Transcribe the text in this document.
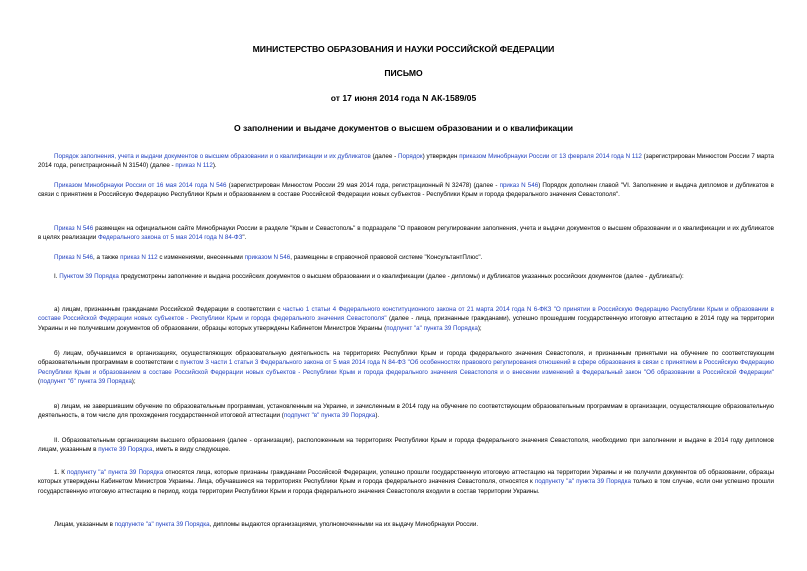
МИНИСТЕРСТВО ОБРАЗОВАНИЯ И НАУКИ РОССИЙСКОЙ ФЕДЕРАЦИИ
ПИСЬМО
от 17 июня 2014 года N АК-1589/05
О заполнении и выдаче документов о высшем образовании и о квалификации
Порядок заполнения, учета и выдачи документов о высшем образовании и о квалификации и их дубликатов (далее - Порядок) утвержден приказом Минобрнауки России от 13 февраля 2014 года N 112 (зарегистрирован Минюстом России 7 марта 2014 года, регистрационный N 31540) (далее - приказ N 112).
Приказом Минобрнауки России от 16 мая 2014 года N 546 (зарегистрирован Минюстом России 29 мая 2014 года, регистрационный N 32478) (далее - приказ N 546) Порядок дополнен главой "VI. Заполнение и выдача дипломов и дубликатов в связи с принятием в Российскую Федерацию Республики Крым и образованием в составе Российской Федерации новых субъектов - Республики Крым и города федерального значения Севастополя".
Приказ N 546 размещен на официальном сайте Минобрнауки России в разделе "Крым и Севастополь" в подразделе "О правовом регулировании заполнения, учета и выдачи документов о высшем образовании и о квалификации и их дубликатов в целях реализации Федерального закона от 5 мая 2014 года N 84-ФЗ".
Приказ N 546, а также приказ N 112 с изменениями, внесенными приказом N 546, размещены в справочной правовой системе "КонсультантПлюс".
I. Пунктом 39 Порядка предусмотрены заполнение и выдача российских документов о высшем образовании и о квалификации (далее - дипломы) и дубликатов указанных российских документов (далее - дубликаты):
а) лицам, признанным гражданами Российской Федерации в соответствии с частью 1 статьи 4 Федерального конституционного закона от 21 марта 2014 года N 6-ФКЗ "О принятии в Российскую Федерацию Республики Крым и образовании в составе Российской Федерации новых субъектов - Республики Крым и города федерального значения Севастополя" (далее - лица, признанные гражданами), успешно прошедшим государственную итоговую аттестацию в 2014 году на территории Украины и не получившим документов об образовании, образцы которых утверждены Кабинетом Министров Украины (подпункт "а" пункта 39 Порядка);
б) лицам, обучавшимся в организациях, осуществляющих образовательную деятельность на территориях Республики Крым и города федерального значения Севастополя, и признанным принятыми на обучение по соответствующим образовательным программам в соответствии с пунктом 3 части 1 статьи 3 Федерального закона от 5 мая 2014 года N 84-ФЗ "Об особенностях правового регулирования отношений в сфере образования в связи с принятием в Российскую Федерацию Республики Крым и образованием в составе Российской Федерации новых субъектов - Республики Крым и города федерального значения Севастополя и о внесении изменений в Федеральный закон "Об образовании в Российской Федерации" (подпункт "б" пункта 39 Порядка);
в) лицам, не завершившим обучение по образовательным программам, установленным на Украине, и зачисленным в 2014 году на обучение по соответствующим образовательным программам в организации, осуществляющие образовательную деятельность, в том числе для прохождения государственной итоговой аттестации (подпункт "в" пункта 39 Порядка).
II. Образовательным организациям высшего образования (далее - организации), расположенным на территориях Республики Крым и города федерального значения Севастополя, необходимо при заполнении и выдаче в 2014 году дипломов лицам, указанным в пункте 39 Порядка, иметь в виду следующее.
1. К подпункту "а" пункта 39 Порядка относятся лица, которые признаны гражданами Российской Федерации, успешно прошли государственную итоговую аттестацию на территории Украины и не получили документов об образовании, образцы которых утверждены Кабинетом Министров Украины. Лица, обучавшиеся на территориях Республики Крым и города федерального значения Севастополя, относятся к подпункту "а" пункта 39 Порядка только в том случае, если они успешно прошли государственную итоговую аттестацию в период, когда территории Республики Крым и города федерального значения Севастополя входили в состав территории Украины.
Лицам, указанным в подпункте "а" пункта 39 Порядка, дипломы выдаются организациями, уполномоченными на их выдачу Минобрнауки России.
